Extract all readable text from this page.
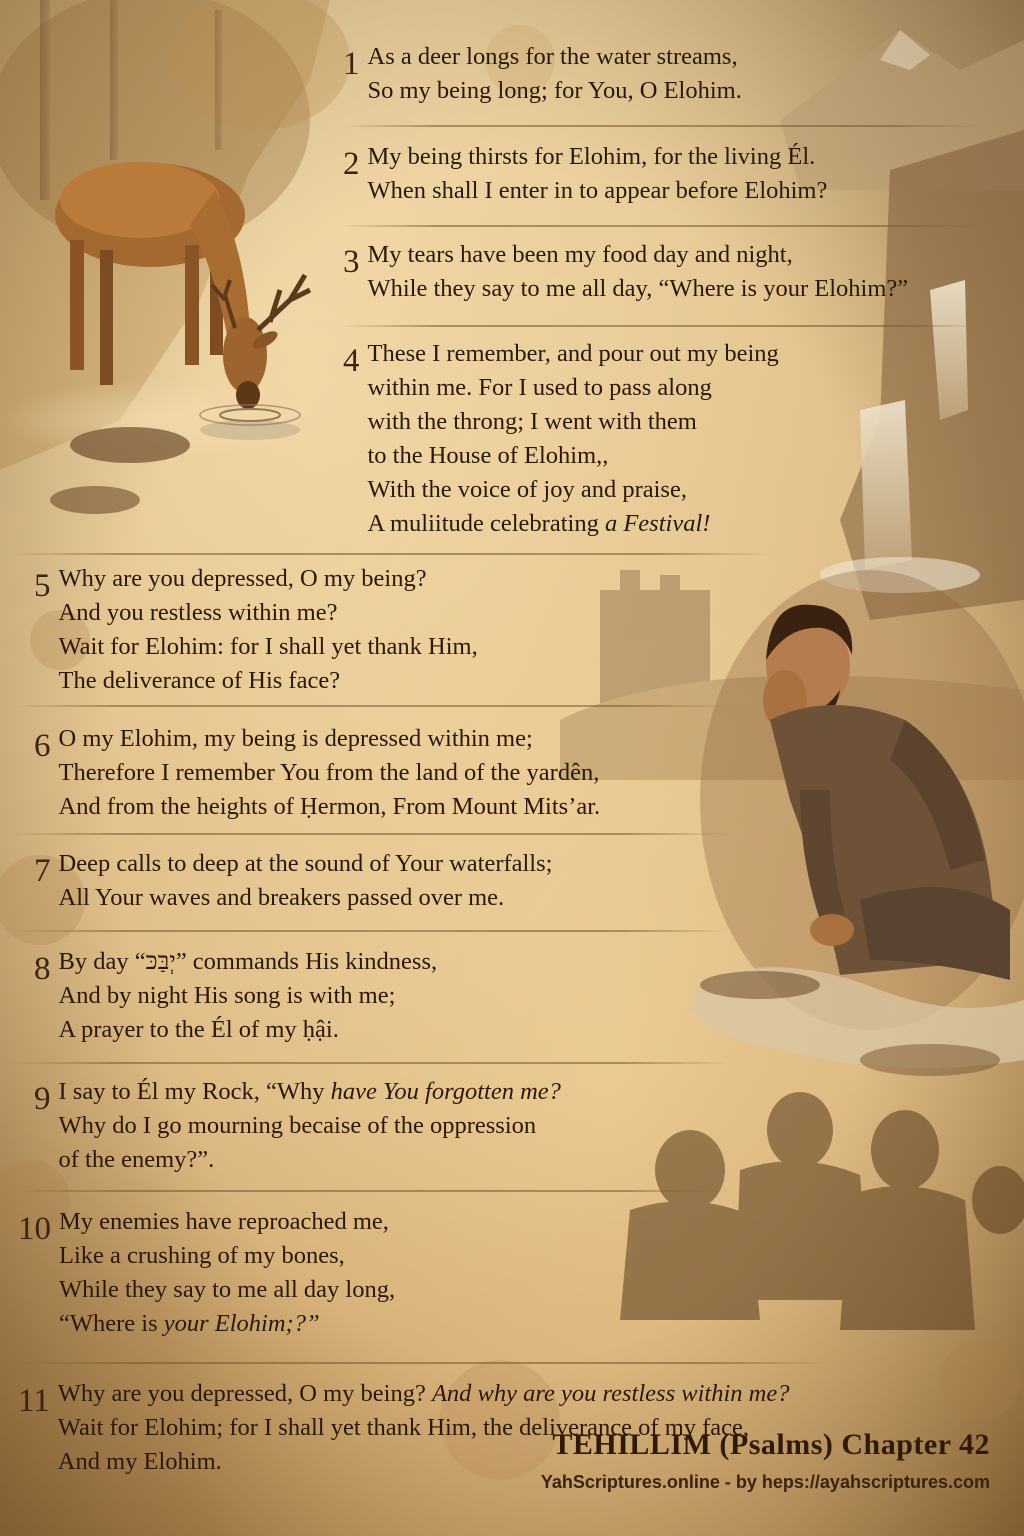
1 As a deer longs for the water streams,
So my being long; for You, O Elohim.
2 My being thirsts for Elohim, for the living Él.
When shall I enter in to appear before Elohim?
3 My tears have been my food day and night,
While they say to me all day, “Where is your Elohim?”
4 These I remember, and pour out my being
within me. For I used to pass along
with the throng; I went with them
to the House of Elohim,,
With the voice of joy and praise,
A muliitude celebrating a Festival!
5 Why are you depressed, O my being?
And you restless within me?
Wait for Elohim: for I shall yet thank Him,
The deliverance of His face?
6 O my Elohim, my being is depressed within me;
Therefore I remember You from the land of the yardên,
And from the heights of Ḥermon, From Mount Mits’ar.
7 Deep calls to deep at the sound of Your waterfalls;
All Your waves and breakers passed over me.
8 By day “יְבַּכּ” commands His kindness,
And by night His song is with me;
A prayer to the Él of my ḥậi.
9 I say to Él my Rock, “Why have You forgotten me?
Why do I go mourning becaise of the oppression
of the enemy?”.
10 My enemies have reproached me,
Like a crushing of my bones,
While they say to me all day long,
“Where is your Elohim;?”
11 Why are you depressed, O my being? And why are you restless within me?
Wait for Elohim; for I shall yet thank Him, the deliverance of my face,
And my Elohim.
TEHILLIM (Psalms) Chapter 42
YahScriptures.online - by heps://ayahscriptures.com
